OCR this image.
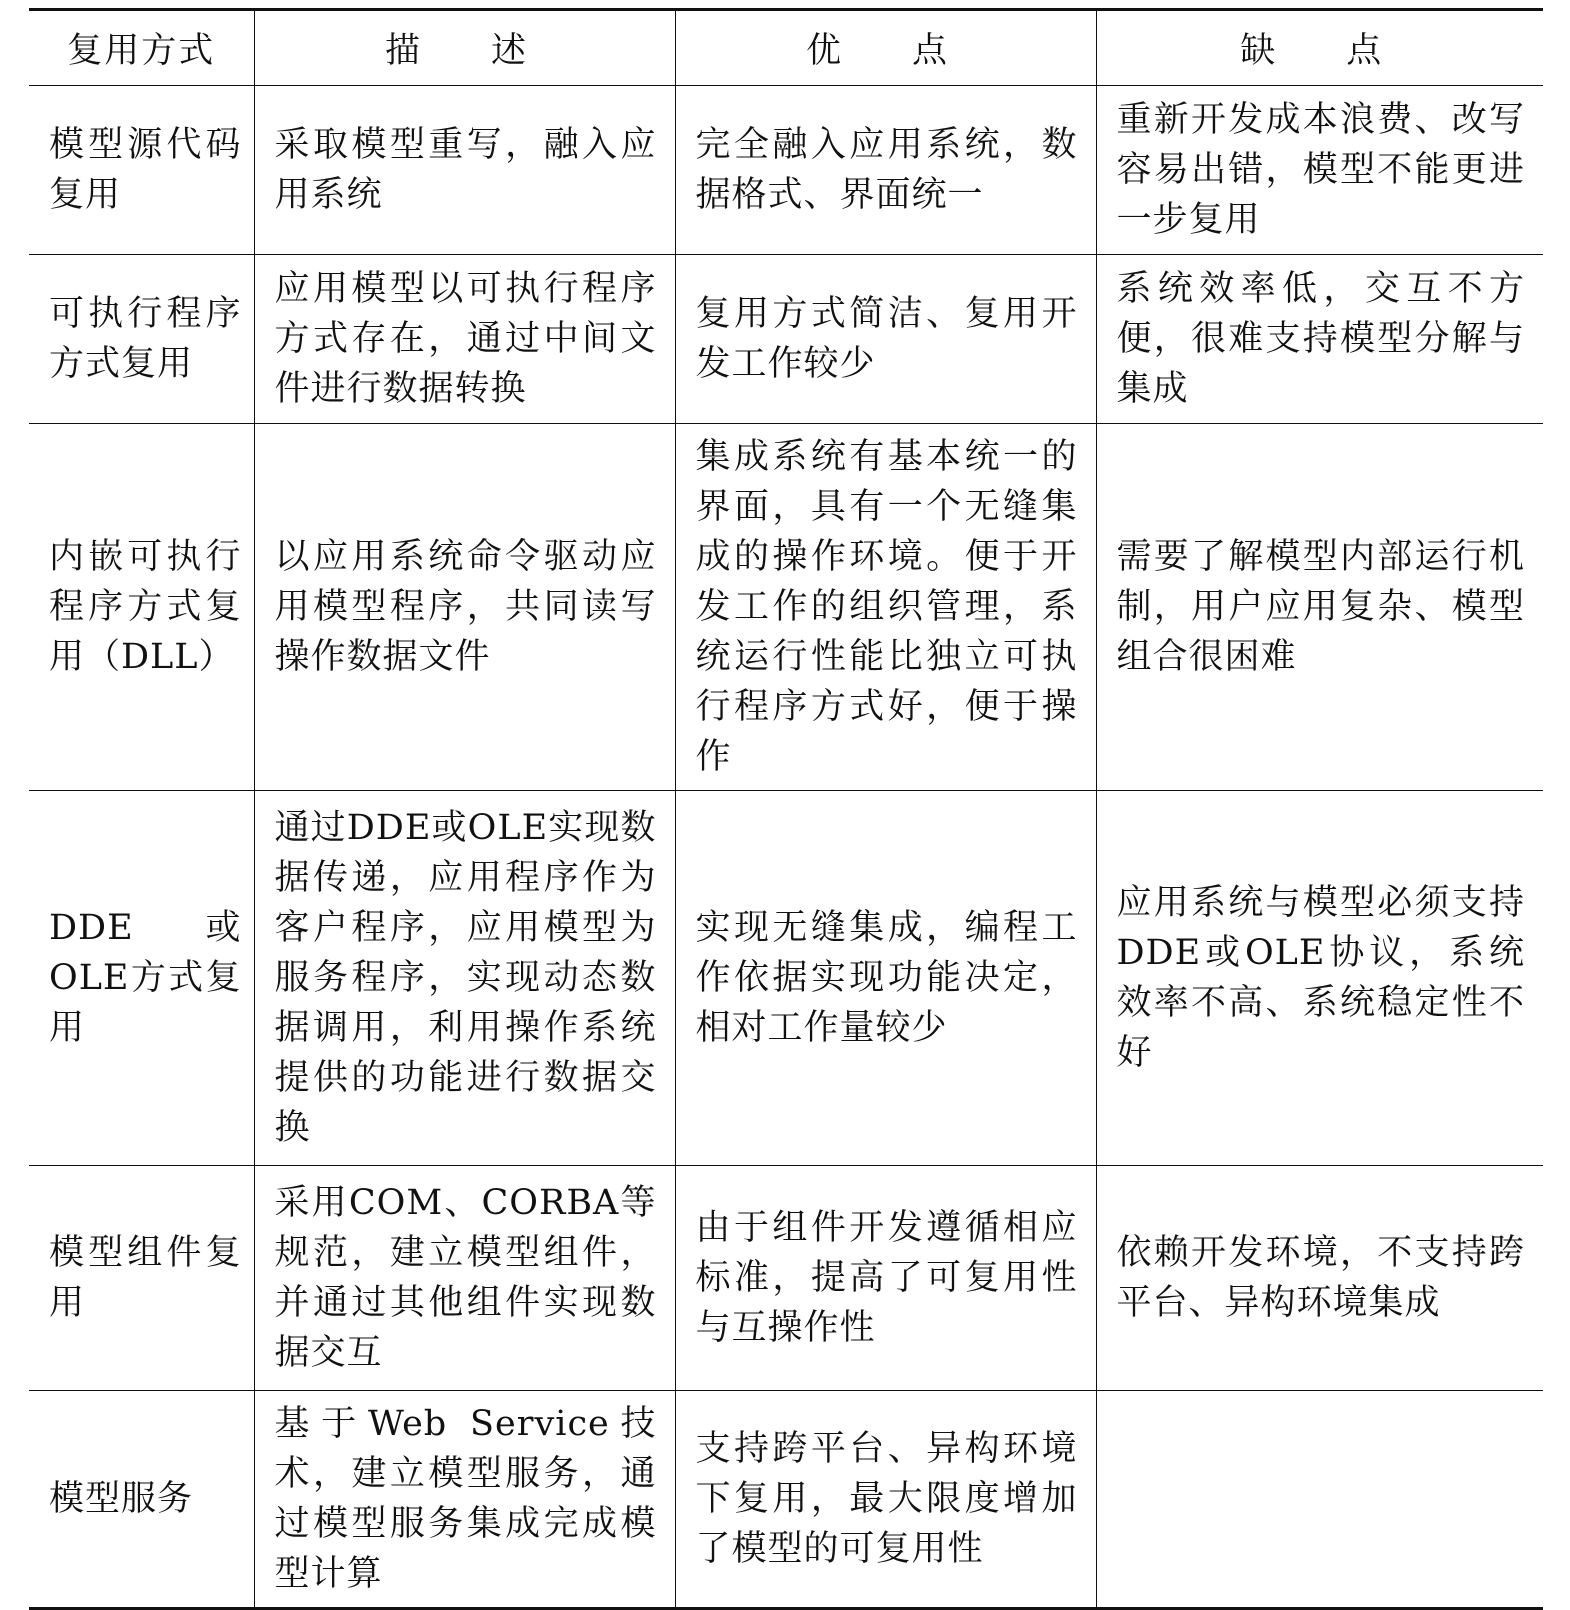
复用方式	描　述	优　点	缺　点
模型源代码复用	采取模型重写，融入应用系统	完全融入应用系统，数据格式、界面统一	重新开发成本浪费、改写容易出错，模型不能更进一步复用
可执行程序方式复用	应用模型以可执行程序方式存在，通过中间文件进行数据转换	复用方式简洁、复用开发工作较少	系统效率低，交互不方便，很难支持模型分解与集成
内嵌可执行程序方式复用（DLL）	以应用系统命令驱动应用模型程序，共同读写操作数据文件	集成系统有基本统一的界面，具有一个无缝集成的操作环境。便于开发工作的组织管理，系统运行性能比独立可执行程序方式好，便于操作	需要了解模型内部运行机制，用户应用复杂、模型组合很困难
DDE或OLE方式复用	通过DDE或OLE实现数据传递，应用程序作为客户程序，应用模型为服务程序，实现动态数据调用，利用操作系统提供的功能进行数据交换	实现无缝集成，编程工作依据实现功能决定，相对工作量较少	应用系统与模型必须支持DDE或OLE协议，系统效率不高、系统稳定性不好
模型组件复用	采用COM、CORBA等规范，建立模型组件，并通过其他组件实现数据交互	由于组件开发遵循相应标准，提高了可复用性与互操作性	依赖开发环境，不支持跨平台、异构环境集成
模型服务	基于Web Service技术，建立模型服务，通过模型服务集成完成模型计算	支持跨平台、异构环境下复用，最大限度增加了模型的可复用性	
